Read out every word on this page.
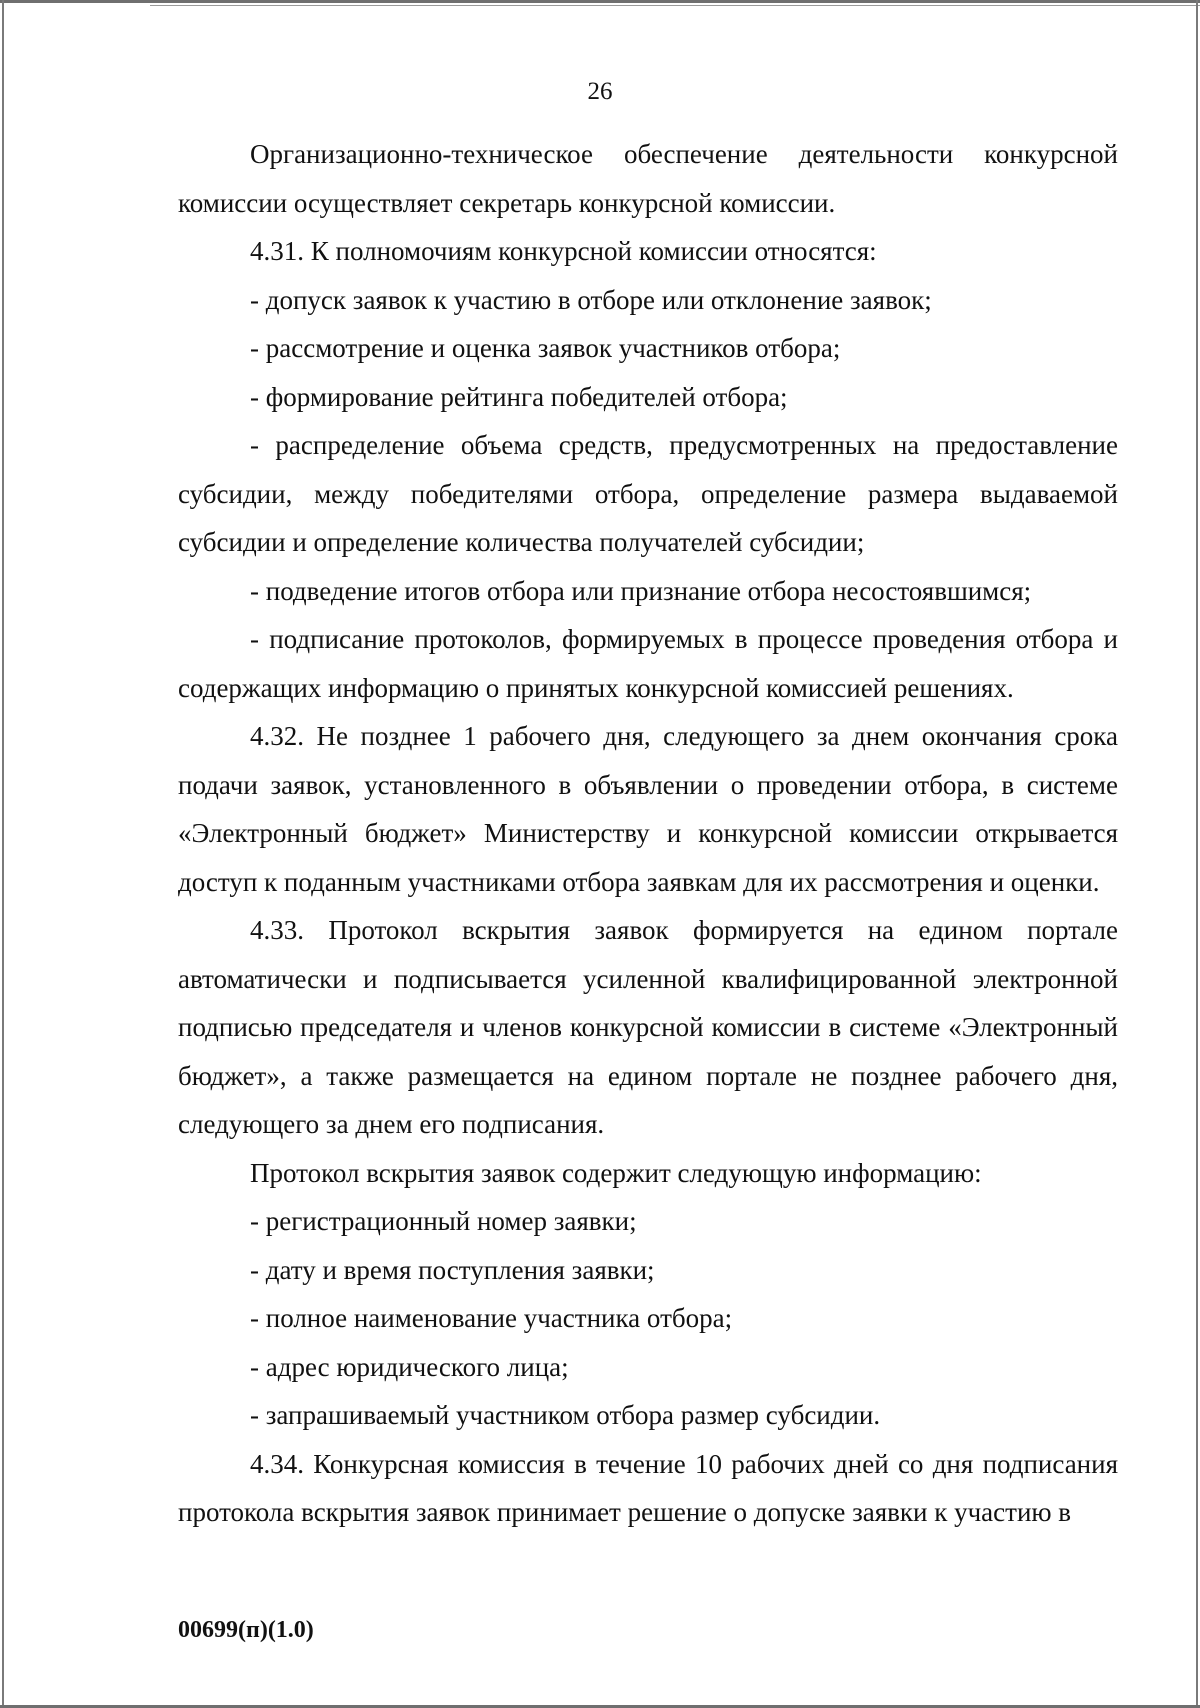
26

Организационно-техническое обеспечение деятельности конкурсной комиссии осуществляет секретарь конкурсной комиссии.

4.31. К полномочиям конкурсной комиссии относятся:

- допуск заявок к участию в отборе или отклонение заявок;

- рассмотрение и оценка заявок участников отбора;

- формирование рейтинга победителей отбора;

- распределение объема средств, предусмотренных на предоставление субсидии, между победителями отбора, определение размера выдаваемой субсидии и определение количества получателей субсидии;

- подведение итогов отбора или признание отбора несостоявшимся;

- подписание протоколов, формируемых в процессе проведения отбора и содержащих информацию о принятых конкурсной комиссией решениях.

4.32. Не позднее 1 рабочего дня, следующего за днем окончания срока подачи заявок, установленного в объявлении о проведении отбора, в системе «Электронный бюджет» Министерству и конкурсной комиссии открывается доступ к поданным участниками отбора заявкам для их рассмотрения и оценки.

4.33. Протокол вскрытия заявок формируется на едином портале автоматически и подписывается усиленной квалифицированной электронной подписью председателя и членов конкурсной комиссии в системе «Электронный бюджет», а также размещается на едином портале не позднее рабочего дня, следующего за днем его подписания.

Протокол вскрытия заявок содержит следующую информацию:

- регистрационный номер заявки;

- дату и время поступления заявки;

- полное наименование участника отбора;

- адрес юридического лица;

- запрашиваемый участником отбора размер субсидии.

4.34. Конкурсная комиссия в течение 10 рабочих дней со дня подписания протокола вскрытия заявок принимает решение о допуске заявки к участию в

00699(п)(1.0)
